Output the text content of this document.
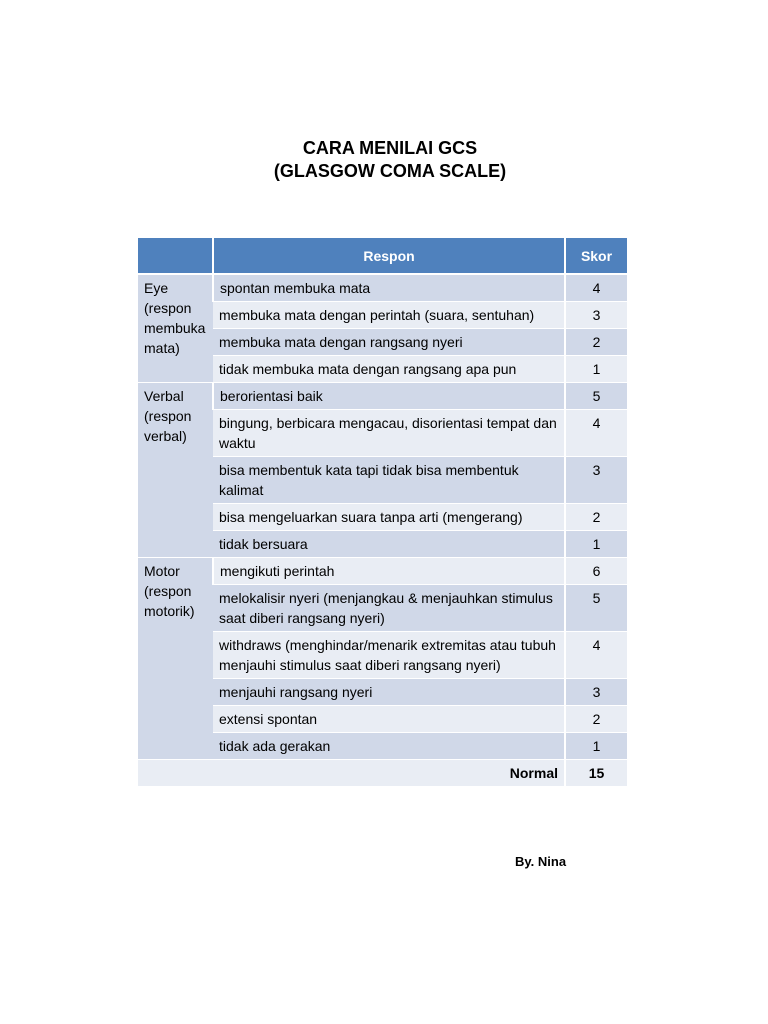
CARA MENILAI GCS
(GLASGOW COMA SCALE)
	Respon	Skor
Eye (respon membuka mata)	spontan membuka mata	4
	membuka mata dengan perintah (suara, sentuhan)	3
	membuka mata dengan rangsang nyeri	2
	tidak membuka mata dengan rangsang apa pun	1
Verbal (respon verbal)	berorientasi baik	5
	bingung, berbicara mengacau, disorientasi tempat dan waktu	4
	bisa membentuk kata tapi tidak bisa membentuk kalimat	3
	bisa mengeluarkan suara tanpa arti (mengerang)	2
	tidak bersuara	1
Motor (respon motorik)	mengikuti perintah	6
	melokalisir nyeri (menjangkau & menjauhkan stimulus saat diberi rangsang nyeri)	5
	withdraws (menghindar/menarik extremitas atau tubuh menjauhi stimulus saat diberi rangsang nyeri)	4
	menjauhi rangsang nyeri	3
	extensi spontan	2
	tidak ada gerakan	1
Normal		15
By. Nina
